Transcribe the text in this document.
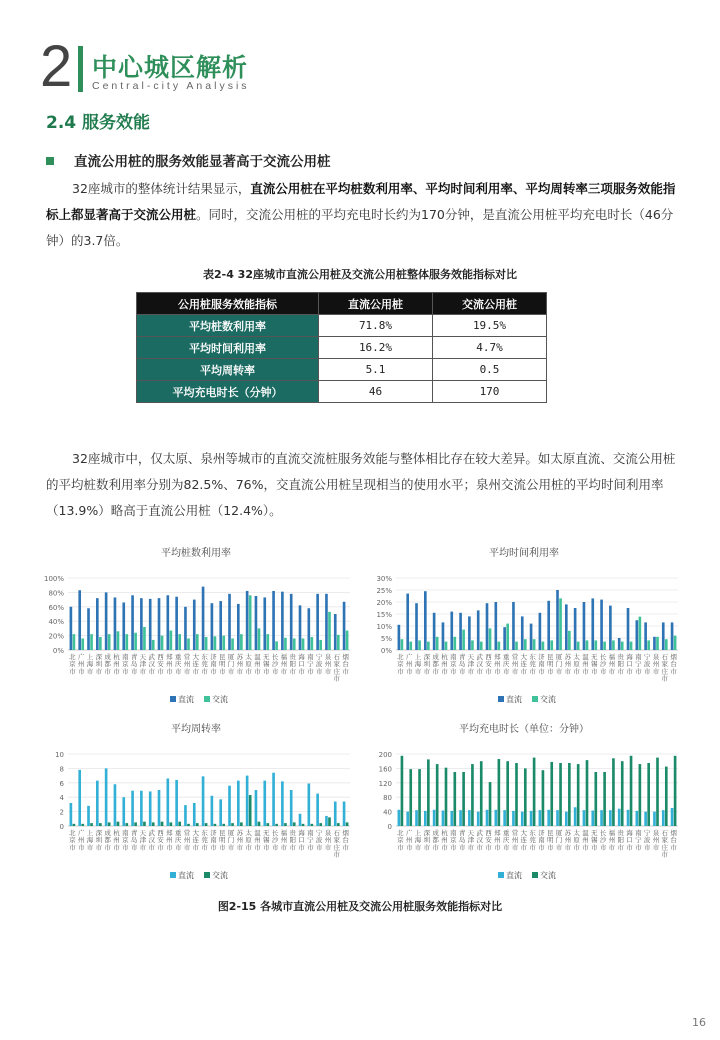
2 中心城区解析
Central-city Analysis
2.4 服务效能
直流公用桩的服务效能显著高于交流公用桩
32座城市的整体统计结果显示，直流公用桩在平均桩数利用率、平均时间利用率、平均周转率三项服务效能指标上都显著高于交流公用桩。同时，交流公用桩的平均充电时长约为170分钟，是直流公用桩平均充电时长（46分钟）的3.7倍。
表2-4 32座城市直流公用桩及交流公用桩整体服务效能指标对比
公用桩服务效能指标	直流公用桩	交流公用桩
平均桩数利用率	71.8%	19.5%
平均时间利用率	16.2%	4.7%
平均周转率	5.1	0.5
平均充电时长（分钟）	46	170
32座城市中，仅太原、泉州等城市的直流交流桩服务效能与整体相比存在较大差异。如太原直流、交流公用桩的平均桩数利用率分别为82.5%、76%，交直流公用桩呈现相当的使用水平；泉州交流公用桩的平均时间利用率（13.9%）略高于直流公用桩（12.4%）。
平均桩数利用率
0%
20%
40%
60%
80%
100%
北京市
广州市
上海市
深圳市
成都市
杭州市
南京市
青岛市
天津市
武汉市
西安市
郑州市
重庆市
常州市
大连市
东莞市
济南市
昆明市
厦门市
苏州市
太原市
温州市
无锡市
长沙市
福州市
贵阳市
海口市
南宁市
宁波市
泉州市
石家庄市
烟台市
直流 交流
平均时间利用率
0%
5%
10%
15%
20%
25%
30%
北京市
广州市
上海市
深圳市
成都市
杭州市
南京市
青岛市
天津市
武汉市
西安市
郑州市
重庆市
常州市
大连市
东莞市
济南市
昆明市
厦门市
苏州市
太原市
温州市
无锡市
长沙市
福州市
贵阳市
海口市
南宁市
宁波市
泉州市
石家庄市
烟台市
直流 交流
平均周转率
0
2
4
6
8
10
北京市
广州市
上海市
深圳市
成都市
杭州市
南京市
青岛市
天津市
武汉市
西安市
郑州市
重庆市
常州市
大连市
东莞市
济南市
昆明市
厦门市
苏州市
太原市
温州市
无锡市
长沙市
福州市
贵阳市
海口市
南宁市
宁波市
泉州市
石家庄市
烟台市
直流 交流
平均充电时长（单位：分钟）
0
40
80
120
160
200
北京市
广州市
上海市
深圳市
成都市
杭州市
南京市
青岛市
天津市
武汉市
西安市
郑州市
重庆市
常州市
大连市
东莞市
济南市
昆明市
厦门市
苏州市
太原市
温州市
无锡市
长沙市
福州市
贵阳市
海口市
南宁市
宁波市
泉州市
石家庄市
烟台市
直流 交流
图2-15 各城市直流公用桩及交流公用桩服务效能指标对比
16
